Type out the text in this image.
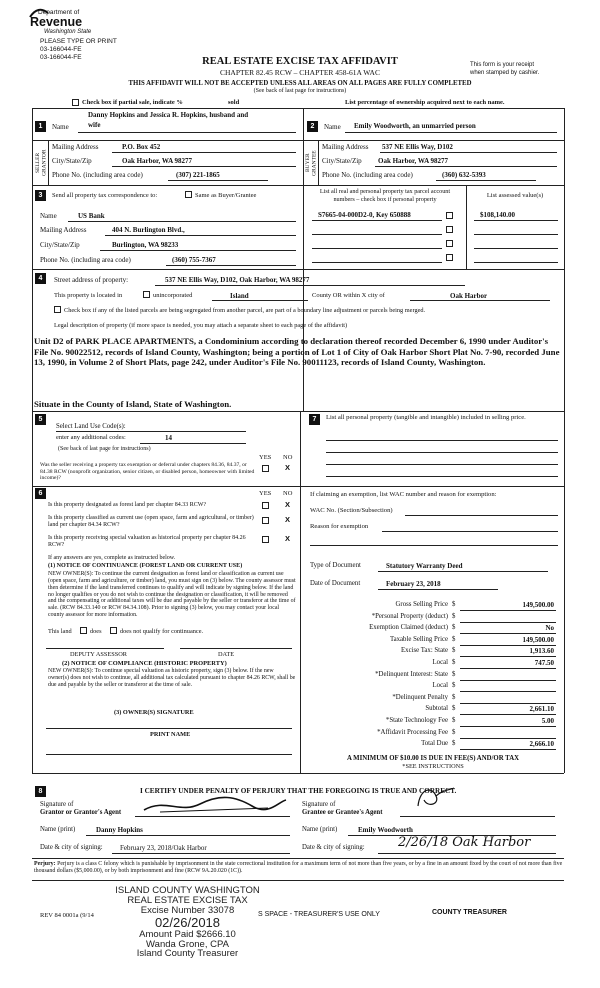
Department of
Revenue
Washington State
PLEASE TYPE OR PRINT
03-166044-FE
03-166044-FE	REAL ESTATE EXCISE TAX AFFIDAVIT
CHAPTER 82.45 RCW – CHAPTER 458-61A WAC
(See back of last page for instructions)
This form is your receipt
when stamped by cashier.
THIS AFFIDAVIT WILL NOT BE ACCEPTED UNLESS ALL AREAS ON ALL PAGES ARE FULLY COMPLETED
Check box if partial sale, indicate %	sold	List percentage of ownership acquired next to each name.
1	Name
Danny Hopkins and Jessica R. Hopkins, husband and
wife
SELLER GRANTOR
Mailing Address	P.O. Box 452
City/State/Zip	Oak Harbor, WA 98277
Phone No. (including area code)	(307) 221-1865
2	Name Emily Woodworth, an unmarried person
BUYER GRANTEE
Mailing Address 537 NE Ellis Way, D102
City/State/Zip Oak Harbor, WA 98277
Phone No. (including area code)	(360) 632-5393
3	Send all property tax correspondence to:	Same as Buyer/Grantee
Name	US Bank
Mailing Address	404 N. Burlington Blvd.,
City/State/Zip	Burlington, WA 98233
Phone No. (including area code)	(360) 755-7367
List all real and personal property tax parcel account
numbers – check box if personal property
List assessed value(s)
S7665-04-000D2-0, Key 650888	$108,140.00
4	Street address of property:	537 NE Ellis Way, D102, Oak Harbor, WA 98277
This property is located in	unincorporated	Island	County OR within X city of	Oak Harbor
Check box if any of the listed parcels are being segregated from another parcel, are part of a boundary line adjustment or parcels being merged.
Legal description of property (if more space is needed, you may attach a separate sheet to each page of the affidavit)
Unit D2 of PARK PLACE APARTMENTS, a Condominium according to declaration thereof recorded December 6, 1990 under Auditor's File No. 90022512, records of Island County, Washington; being a portion of Lot 1 of City of Oak Harbor Short Plat No. 7-90, recorded June 13, 1990, in Volume 2 of Short Plats, page 242, under Auditor's File No. 90011123, records of Island County, Washington.
Situate in the County of Island, State of Washington.
5
Select Land Use Code(s):
enter any additional codes:	14
(See back of last page for instructions)
YES NO
Was the seller receiving a property tax exemption or deferral under chapters 84.36, 84.37, or 84.38 RCW (nonprofit organization, senior citizen, or disabled person, homeowner with limited income)?
X
6	YES NO
Is this property designated as forest land per chapter 84.33 RCW?	X
Is this property classified as current use (open space, farm and agricultural, or timber) land per chapter 84.34 RCW?
X
Is this property receiving special valuation as historical property per chapter 84.26 RCW?
X
If any answers are yes, complete as instructed below.
(1) NOTICE OF CONTINUANCE (FOREST LAND OR CURRENT USE)
NEW OWNER(S): To continue the current designation as forest land or classification as current use (open space, farm and agriculture, or timber) land, you must sign on (3) below. The county assessor must then determine if the land transferred continues to qualify and will indicate by signing below. If the land no longer qualifies or you do not wish to continue the designation or classification, it will be removed and the compensating or additional taxes will be due and payable by the seller or transferor at the time of sale. (RCW 84.33.140 or RCW 84.34.108). Prior to signing (3) below, you may contact your local county assessor for more information.
This land	does	does not qualify for continuance.
DEPUTY ASSESSOR	DATE
(2) NOTICE OF COMPLIANCE (HISTORIC PROPERTY)
NEW OWNER(S): To continue special valuation as historic property, sign (3) below. If the new owner(s) does not wish to continue, all additional tax calculated pursuant to chapter 84.26 RCW, shall be due and payable by the seller or transferor at the time of sale.
(3) OWNER(S) SIGNATURE
PRINT NAME
7	List all personal property (tangible and intangible) included in selling price.
If claiming an exemption, list WAC number and reason for exemption:
WAC No. (Section/Subsection)
Reason for exemption
Type of Document	Statutory Warranty Deed
Date of Document	February 23, 2018
Gross Selling Price $	149,500.00
*Personal Property (deduct) $
Exemption Claimed (deduct) $	No
Taxable Selling Price $	149,500.00
Excise Tax: State $	1,913.60
Local $	747.50
*Delinquent Interest: State $
Local $
*Delinquent Penalty $
Subtotal $	2,661.10
*State Technology Fee $	5.00
*Affidavit Processing Fee $
Total Due $	2,666.10
A MINIMUM OF $10.00 IS DUE IN FEE(S) AND/OR TAX
*SEE INSTRUCTIONS
8	I CERTIFY UNDER PENALTY OF PERJURY THAT THE FOREGOING IS TRUE AND CORRECT.
Signature of
Grantor or Grantor's Agent
Signature of
Grantee or Grantee's Agent
Name (print)	Danny Hopkins	Name (print)	Emily Woodworth
Date & city of signing: February 23, 2018/Oak Harbor	Date & city of signing:	2/26/18 Oak Harbor
Perjury: Perjury is a class C felony which is punishable by imprisonment in the state correctional institution for a maximum term of not more than five years, or by a fine in an amount fixed by the court of not more than five thousand dollars ($5,000.00), or by both imprisonment and fine (RCW 9A.20.020 (1C)).
ISLAND COUNTY WASHINGTON
REAL ESTATE EXCISE TAX
Excise Number 33078
02/26/2018
Amount Paid $2666.10
Wanda Grone, CPA
Island County Treasurer
REV 84 0001a (9/14	S SPACE - TREASURER'S USE ONLY	COUNTY TREASURER
